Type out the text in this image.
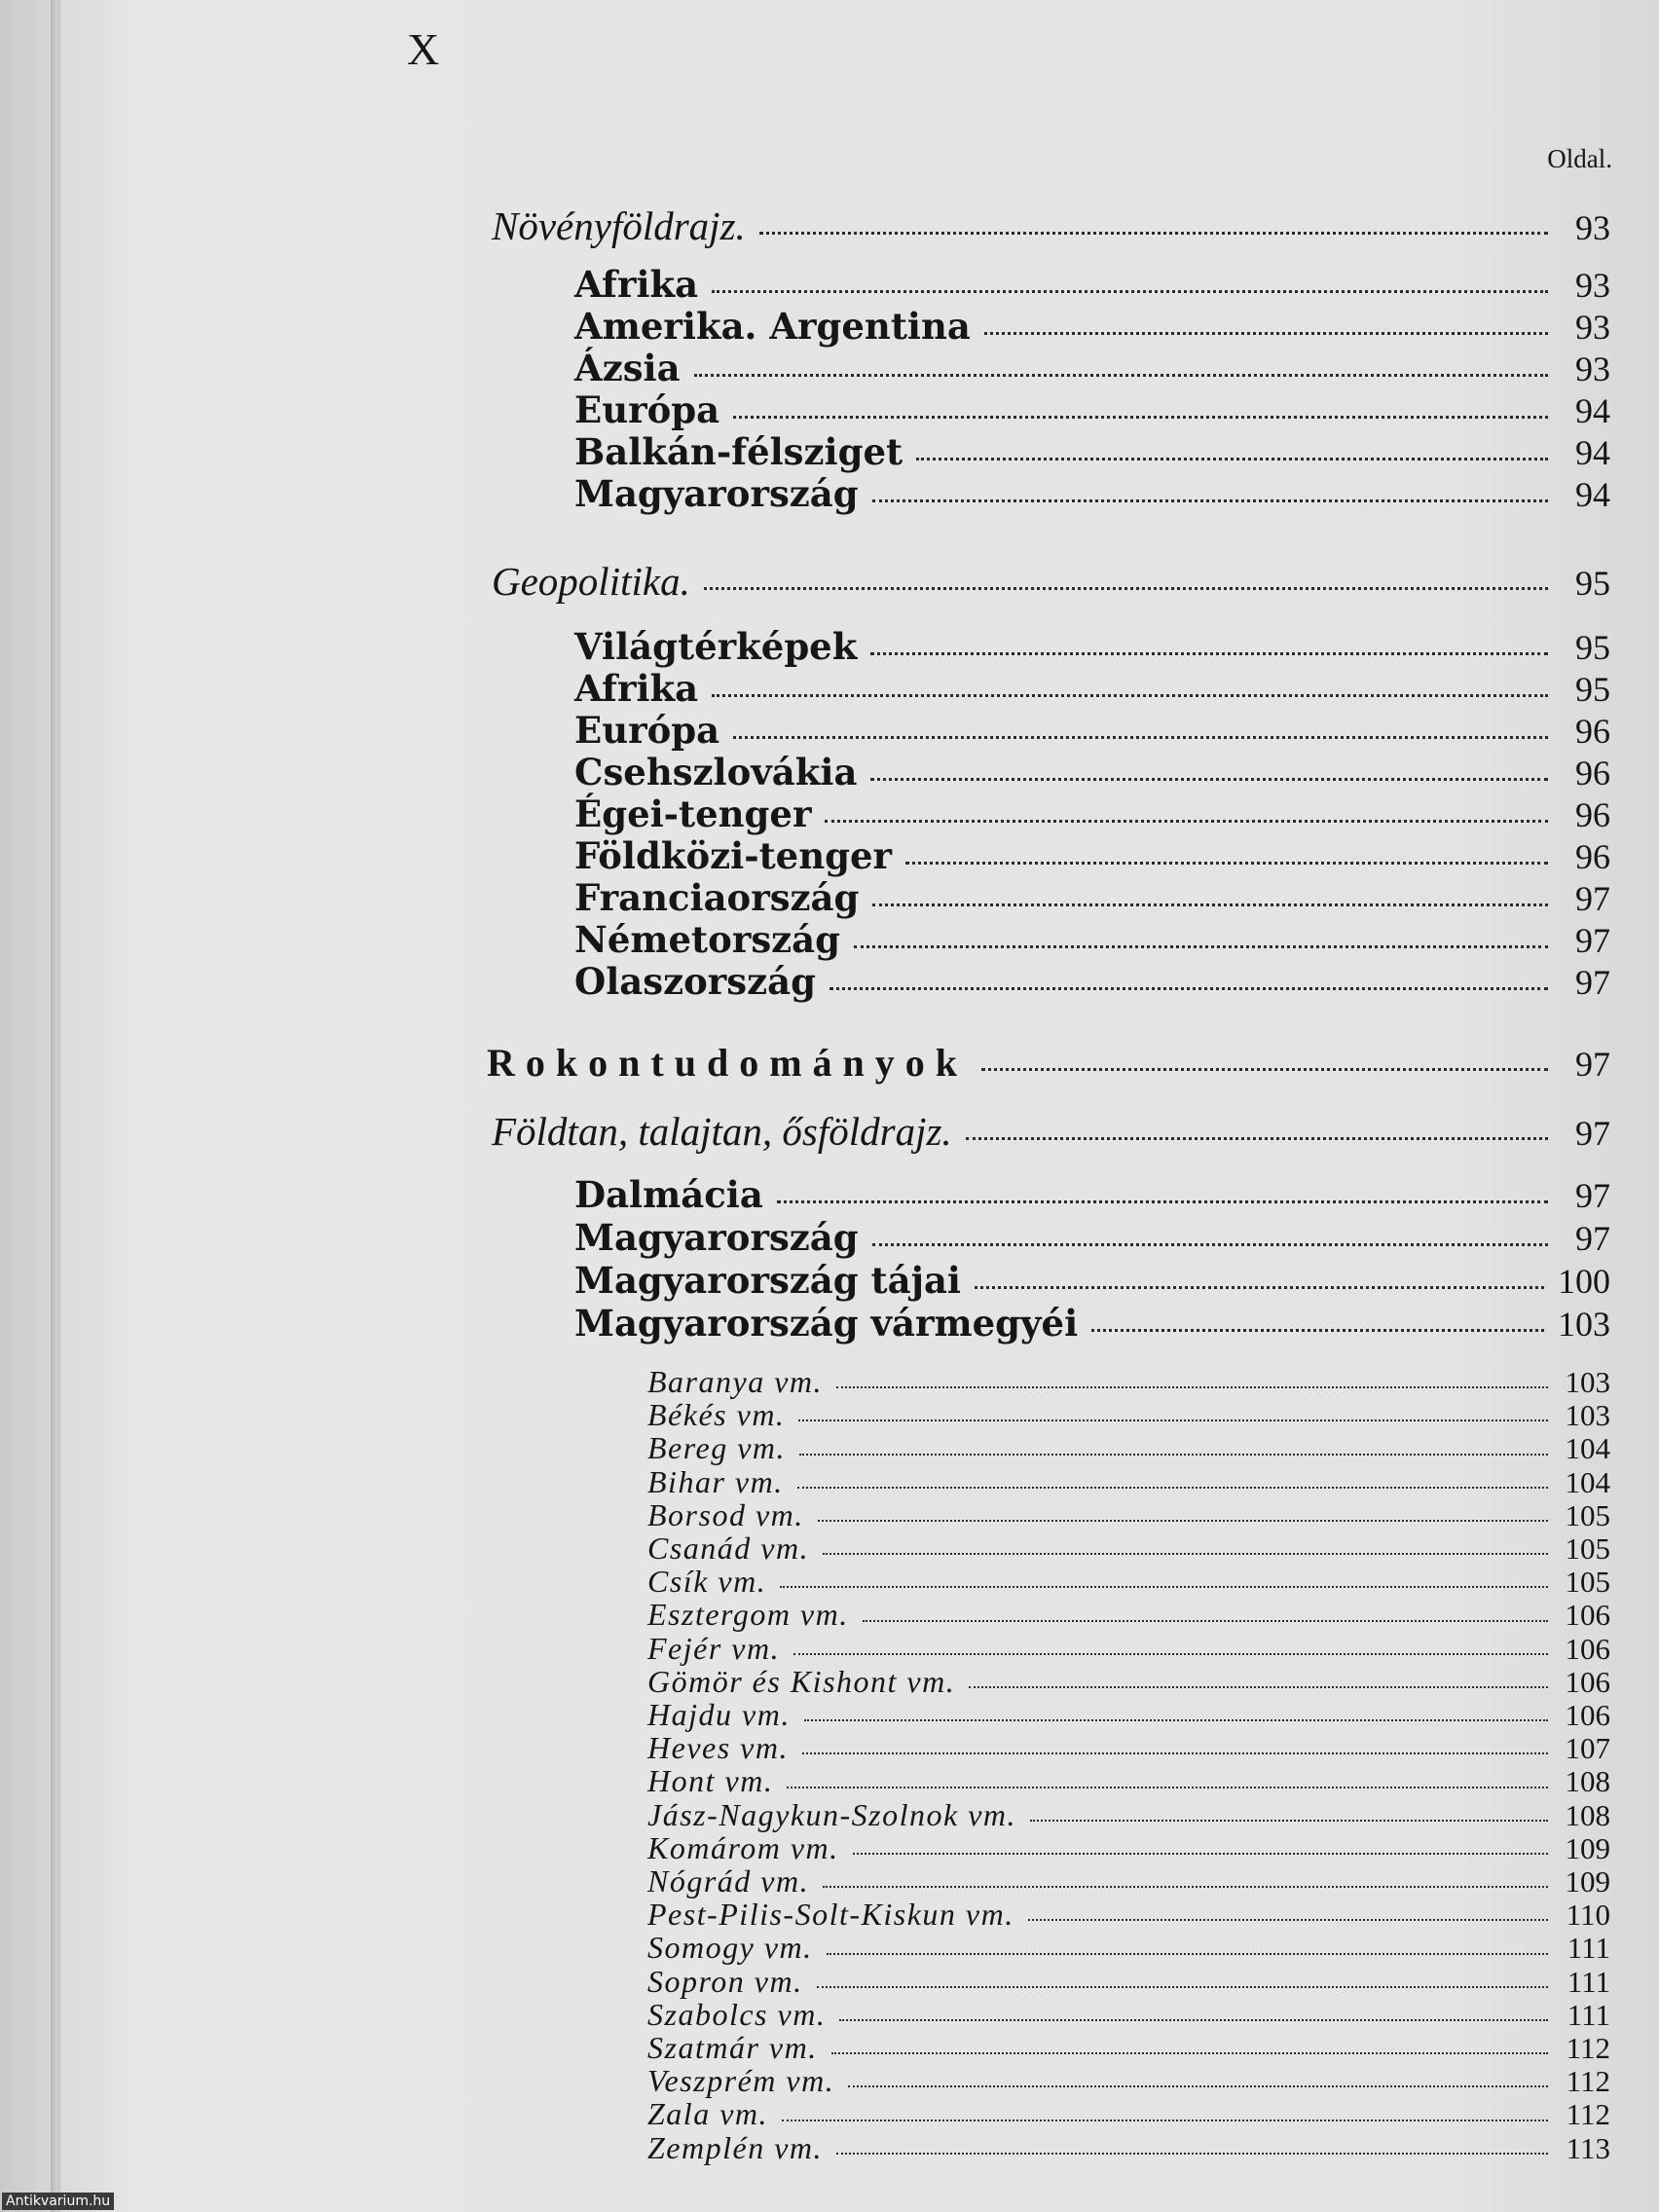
X
Oldal.
Növényföldrajz.	93
Afrika	93
Amerika. Argentina	93
Ázsia	93
Európa	94
Balkán-félsziget	94
Magyarország	94
Geopolitika.	95
Világtérképek	95
Afrika	95
Európa	96
Csehszlovákia	96
Égei-tenger	96
Földközi-tenger	96
Franciaország	97
Németország	97
Olaszország	97
Rokontudományok	97
Földtan, talajtan, ősföldrajz.	97
Dalmácia	97
Magyarország	97
Magyarország tájai	100
Magyarország vármegyéi	103
Baranya vm.	103
Békés vm.	103
Bereg vm.	104
Bihar vm.	104
Borsod vm.	105
Csanád vm.	105
Csík vm.	105
Esztergom vm.	106
Fejér vm.	106
Gömör és Kishont vm.	106
Hajdu vm.	106
Heves vm.	107
Hont vm.	108
Jász-Nagykun-Szolnok vm.	108
Komárom vm.	109
Nógrád vm.	109
Pest-Pilis-Solt-Kiskun vm.	110
Somogy vm.	111
Sopron vm.	111
Szabolcs vm.	111
Szatmár vm.	112
Veszprém vm.	112
Zala vm.	112
Zemplén vm.	113
Antikvarium.hu
